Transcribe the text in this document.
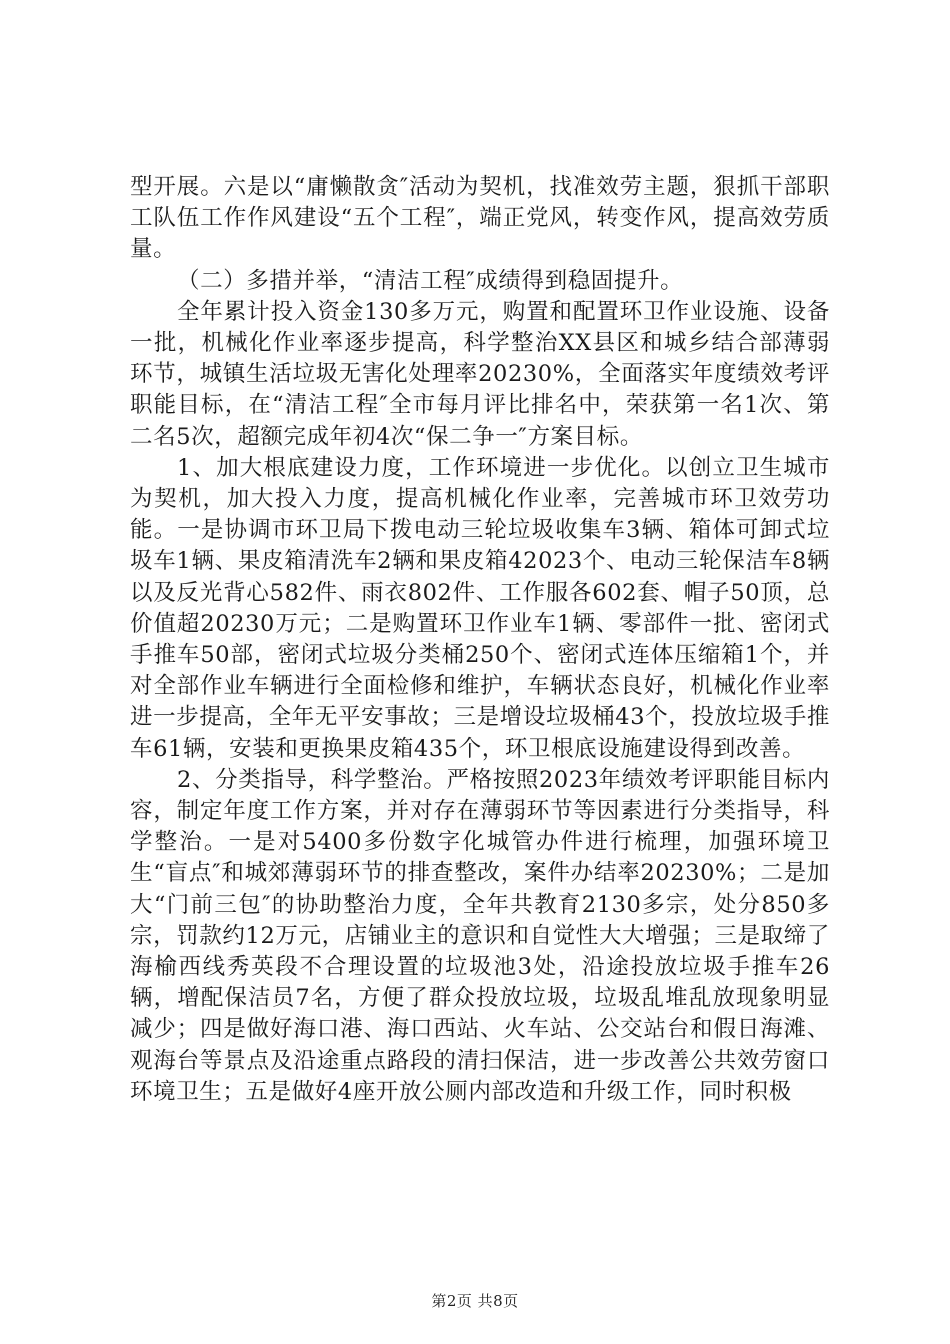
型开展。六是以“庸懒散贪″活动为契机，找准效劳主题，狠抓干部职工队伍工作作风建设“五个工程″，端正党风，转变作风，提高效劳质量。

（二）多措并举，“清洁工程″成绩得到稳固提升。

全年累计投入资金130多万元，购置和配置环卫作业设施、设备一批，机械化作业率逐步提高，科学整治XX县区和城乡结合部薄弱环节，城镇生活垃圾无害化处理率20230%，全面落实年度绩效考评职能目标，在“清洁工程″全市每月评比排名中，荣获第一名1次、第二名5次，超额完成年初4次“保二争一″方案目标。

1、加大根底建设力度，工作环境进一步优化。以创立卫生城市为契机，加大投入力度，提高机械化作业率，完善城市环卫效劳功能。一是协调市环卫局下拨电动三轮垃圾收集车3辆、箱体可卸式垃圾车1辆、果皮箱清洗车2辆和果皮箱42023个、电动三轮保洁车8辆以及反光背心582件、雨衣802件、工作服各602套、帽子50顶，总价值超20230万元；二是购置环卫作业车1辆、零部件一批、密闭式手推车50部，密闭式垃圾分类桶250个、密闭式连体压缩箱1个，并对全部作业车辆进行全面检修和维护，车辆状态良好，机械化作业率进一步提高，全年无平安事故；三是增设垃圾桶43个，投放垃圾手推车61辆，安装和更换果皮箱435个，环卫根底设施建设得到改善。

2、分类指导，科学整治。严格按照2023年绩效考评职能目标内容，制定年度工作方案，并对存在薄弱环节等因素进行分类指导，科学整治。一是对5400多份数字化城管办件进行梳理，加强环境卫生“盲点″和城郊薄弱环节的排查整改，案件办结率20230%；二是加大“门前三包″的协助整治力度，全年共教育2130多宗，处分850多宗，罚款约12万元，店铺业主的意识和自觉性大大增强；三是取缔了海榆西线秀英段不合理设置的垃圾池3处，沿途投放垃圾手推车26辆，增配保洁员7名，方便了群众投放垃圾，垃圾乱堆乱放现象明显减少；四是做好海口港、海口西站、火车站、公交站台和假日海滩、观海台等景点及沿途重点路段的清扫保洁，进一步改善公共效劳窗口环境卫生；五是做好4座开放公厕内部改造和升级工作，同时积极

第2页 共8页
